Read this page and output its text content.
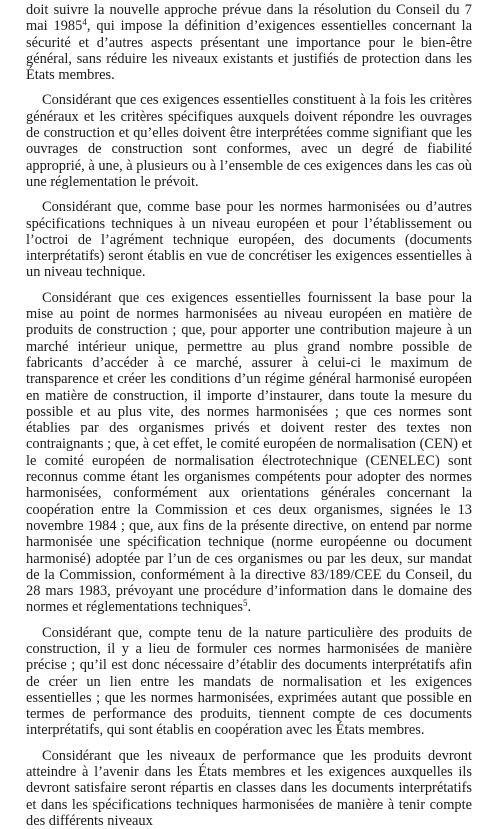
doit suivre la nouvelle approche prévue dans la résolution du Conseil du 7 mai 1985$^4$, qui impose la définition d’exigences essentielles concernant la sécurité et d’autres aspects présentant une importance pour le bien-être général, sans réduire les niveaux existants et justifiés de protection dans les États membres.

Considérant que ces exigences essentielles constituent à la fois les critères généraux et les critères spécifiques auxquels doivent répondre les ouvrages de construction et qu’elles doivent être interprétées comme signifiant que les ouvrages de construction sont conformes, avec un degré de fiabilité approprié, à une, à plusieurs ou à l’ensemble de ces exigences dans les cas où une réglementation le prévoit.

Considérant que, comme base pour les normes harmonisées ou d’autres spécifications techniques à un niveau européen et pour l’établissement ou l’octroi de l’agrément technique européen, des documents (documents interprétatifs) seront établis en vue de concrétiser les exigences essentielles à un niveau technique.

Considérant que ces exigences essentielles fournissent la base pour la mise au point de normes harmonisées au niveau européen en matière de produits de construction ; que, pour apporter une contribution majeure à un marché intérieur unique, permettre au plus grand nombre possible de fabricants d’accéder à ce marché, assurer à celui-ci le maximum de transparence et créer les conditions d’un régime général harmonisé européen en matière de construction, il importe d’instaurer, dans toute la mesure du possible et au plus vite, des normes harmonisées ; que ces normes sont établies par des organismes privés et doivent rester des textes non contraignants ; que, à cet effet, le comité européen de normalisation (CEN) et le comité européen de normalisation électrotechnique (CENELEC) sont reconnus comme étant les organismes compétents pour adopter des normes harmonisées, conformément aux orientations générales concernant la coopération entre la Commission et ces deux organismes, signées le 13 novembre 1984 ; que, aux fins de la présente directive, on entend par norme harmonisée une spécification technique (norme européenne ou document harmonisé) adoptée par l’un de ces organismes ou par les deux, sur mandat de la Commission, conformément à la directive 83/189/CEE du Conseil, du 28 mars 1983, prévoyant une procédure d’information dans le domaine des normes et réglementations techniques$^5$.

Considérant que, compte tenu de la nature particulière des produits de construction, il y a lieu de formuler ces normes harmonisées de manière précise ; qu’il est donc nécessaire d’établir des documents interprétatifs afin de créer un lien entre les mandats de normalisation et les exigences essentielles ; que les normes harmonisées, exprimées autant que possible en termes de performance des produits, tiennent compte de ces documents interprétatifs, qui sont établis en coopération avec les États membres.

Considérant que les niveaux de performance que les produits devront atteindre à l’avenir dans les États membres et les exigences auxquelles ils devront satisfaire seront répartis en classes dans les documents interprétatifs et dans les spécifications techniques harmonisées de manière à tenir compte des différents niveaux
